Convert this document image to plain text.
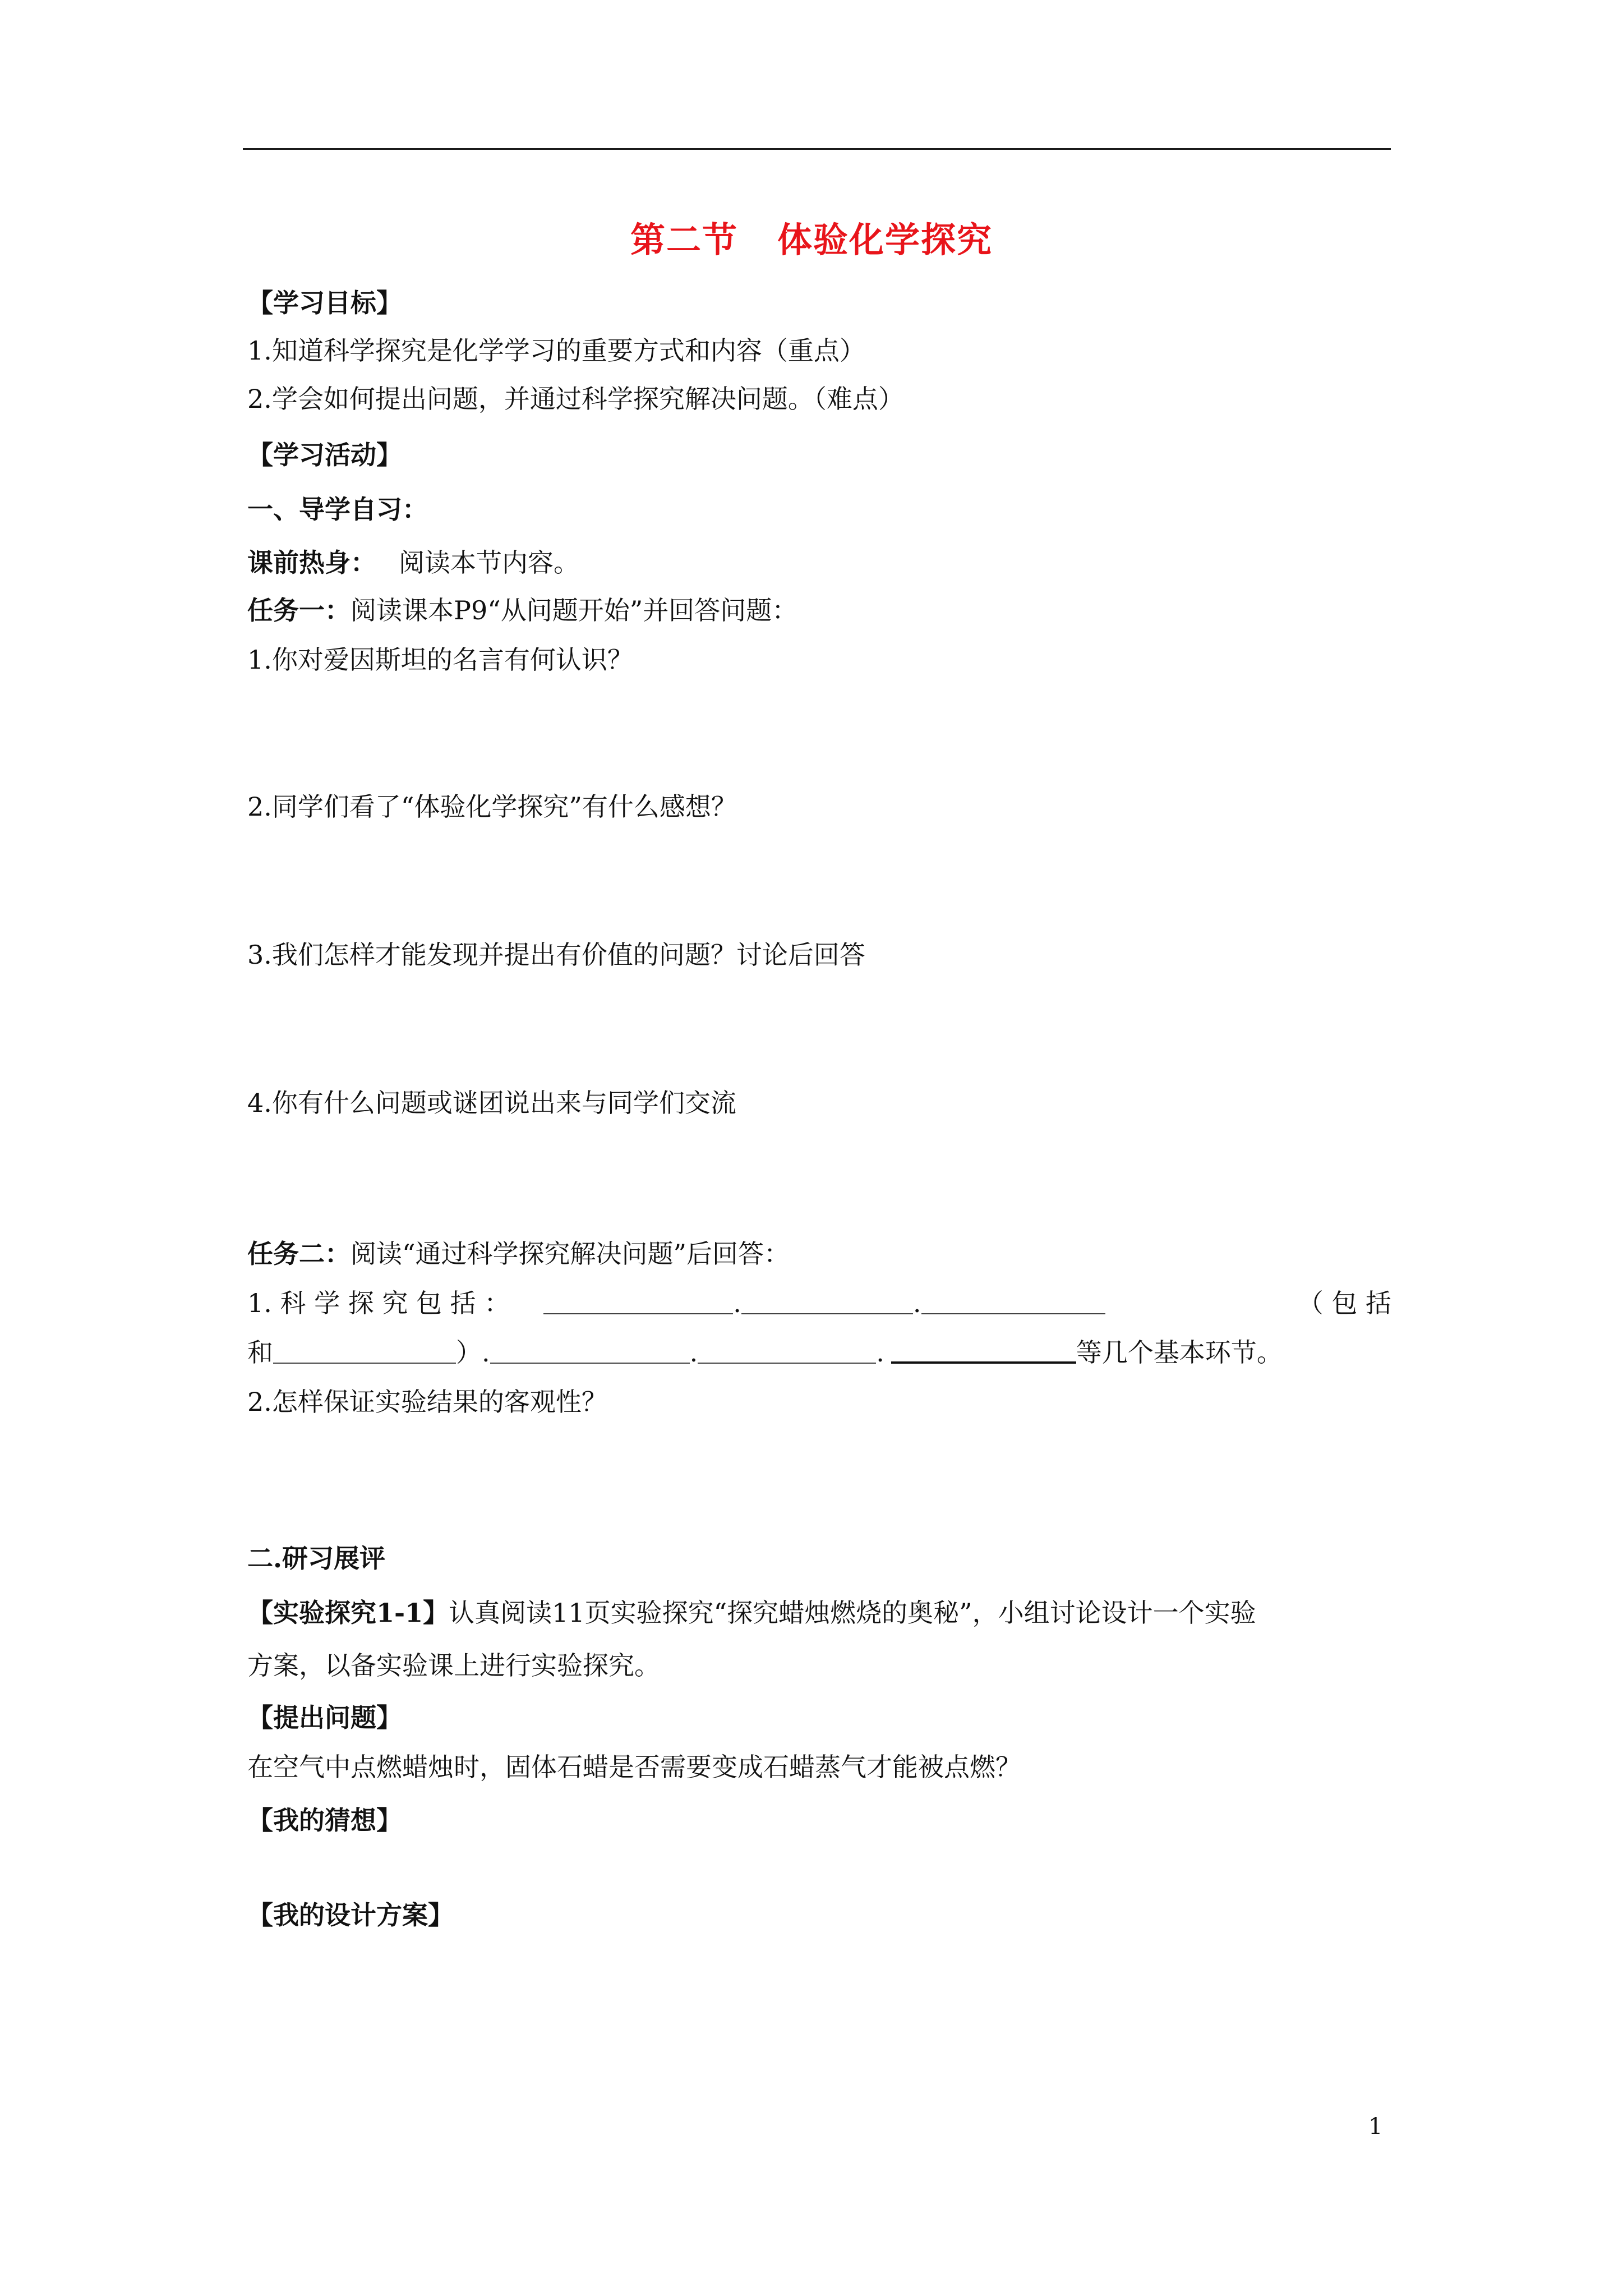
第二节 体验化学探究
【学习目标】
1.知道科学探究是化学学习的重要方式和内容（重点）
2.学会如何提出问题，并通过科学探究解决问题。（难点）
【学习活动】
一、导学自习：
课前热身： 阅读本节内容。
任务一：阅读课本P9“从问题开始”并回答问题：
1.你对爱因斯坦的名言有何认识？
2.同学们看了“体验化学探究”有什么感想？
3.我们怎样才能发现并提出有价值的问题？讨论后回答
4.你有什么问题或谜团说出来与同学们交流
任务二：阅读“通过科学探究解决问题”后回答：
1. 科 学 探 究 包 括 ：	.	.	（ 包 括
和	）.	.	.	等几个基本环节。
2.怎样保证实验结果的客观性？
二.研习展评
【实验探究1-1】认真阅读11页实验探究“探究蜡烛燃烧的奥秘”，小组讨论设计一个实验
方案，以备实验课上进行实验探究。
【提出问题】
在空气中点燃蜡烛时，固体石蜡是否需要变成石蜡蒸气才能被点燃？
【我的猜想】
【我的设计方案】
1
